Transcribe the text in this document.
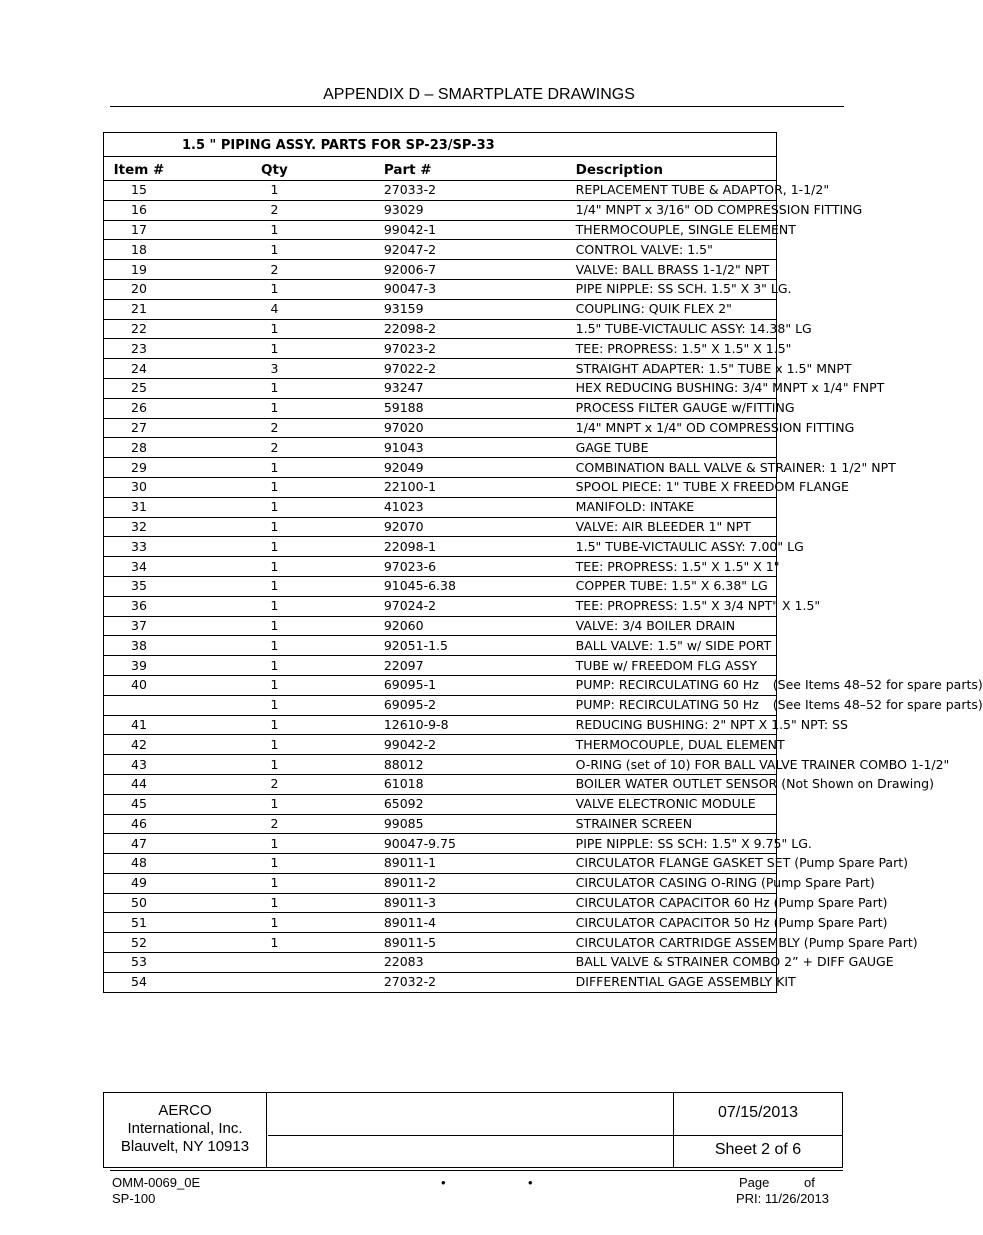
APPENDIX D – SMARTPLATE DRAWINGS
	1.5 " PIPING ASSY. PARTS FOR SP-23/SP-33		
Item #	Qty	Part #	Description
15	1	27033-2	REPLACEMENT TUBE & ADAPTOR, 1-1/2"
16	2	93029	1/4" MNPT x 3/16" OD COMPRESSION FITTING
17	1	99042-1	THERMOCOUPLE, SINGLE ELEMENT
18	1	92047-2	CONTROL VALVE: 1.5"
19	2	92006-7	VALVE: BALL BRASS 1-1/2" NPT
20	1	90047-3	PIPE NIPPLE: SS SCH. 1.5" X 3" LG.
21	4	93159	COUPLING: QUIK FLEX 2"
22	1	22098-2	1.5" TUBE-VICTAULIC ASSY: 14.38" LG
23	1	97023-2	TEE: PROPRESS: 1.5" X 1.5" X 1.5"
24	3	97022-2	STRAIGHT ADAPTER: 1.5" TUBE x 1.5" MNPT
25	1	93247	HEX REDUCING BUSHING: 3/4" MNPT x 1/4" FNPT
26	1	59188	PROCESS FILTER GAUGE w/FITTING
27	2	97020	1/4" MNPT x 1/4" OD COMPRESSION FITTING
28	2	91043	GAGE TUBE
29	1	92049	COMBINATION BALL VALVE & STRAINER: 1 1/2" NPT
30	1	22100-1	SPOOL PIECE: 1" TUBE X FREEDOM FLANGE
31	1	41023	MANIFOLD: INTAKE
32	1	92070	VALVE: AIR BLEEDER 1" NPT
33	1	22098-1	1.5" TUBE-VICTAULIC ASSY: 7.00" LG
34	1	97023-6	TEE: PROPRESS: 1.5" X 1.5" X 1"
35	1	91045-6.38	COPPER TUBE: 1.5" X 6.38" LG
36	1	97024-2	TEE: PROPRESS: 1.5" X 3/4 NPT" X 1.5"
37	1	92060	VALVE: 3/4 BOILER DRAIN
38	1	92051-1.5	BALL VALVE: 1.5" w/ SIDE PORT
39	1	22097	TUBE w/ FREEDOM FLG ASSY
40	1	69095-1	PUMP: RECIRCULATING 60 Hz (See Items 48–52 for spare parts)
	1	69095-2	PUMP: RECIRCULATING 50 Hz (See Items 48–52 for spare parts)
41	1	12610-9-8	REDUCING BUSHING: 2" NPT X 1.5" NPT: SS
42	1	99042-2	THERMOCOUPLE, DUAL ELEMENT
43	1	88012	O-RING (set of 10) FOR BALL VALVE TRAINER COMBO 1-1/2"
44	2	61018	BOILER WATER OUTLET SENSOR (Not Shown on Drawing)
45	1	65092	VALVE ELECTRONIC MODULE
46	2	99085	STRAINER SCREEN
47	1	90047-9.75	PIPE NIPPLE: SS SCH: 1.5" X 9.75" LG.
48	1	89011-1	CIRCULATOR FLANGE GASKET SET (Pump Spare Part)
49	1	89011-2	CIRCULATOR CASING O-RING (Pump Spare Part)
50	1	89011-3	CIRCULATOR CAPACITOR 60 Hz (Pump Spare Part)
51	1	89011-4	CIRCULATOR CAPACITOR 50 Hz (Pump Spare Part)
52	1	89011-5	CIRCULATOR CARTRIDGE ASSEMBLY (Pump Spare Part)
53		22083	BALL VALVE & STRAINER COMBO 2” + DIFF GAUGE
54		27032-2	DIFFERENTIAL GAGE ASSEMBLY KIT
AERCO
International, Inc.
Blauvelt, NY 10913
07/15/2013
Sheet 2 of 6
OMM-0069_0E
SP-100
•	•	Page	of
PRI: 11/26/2013
